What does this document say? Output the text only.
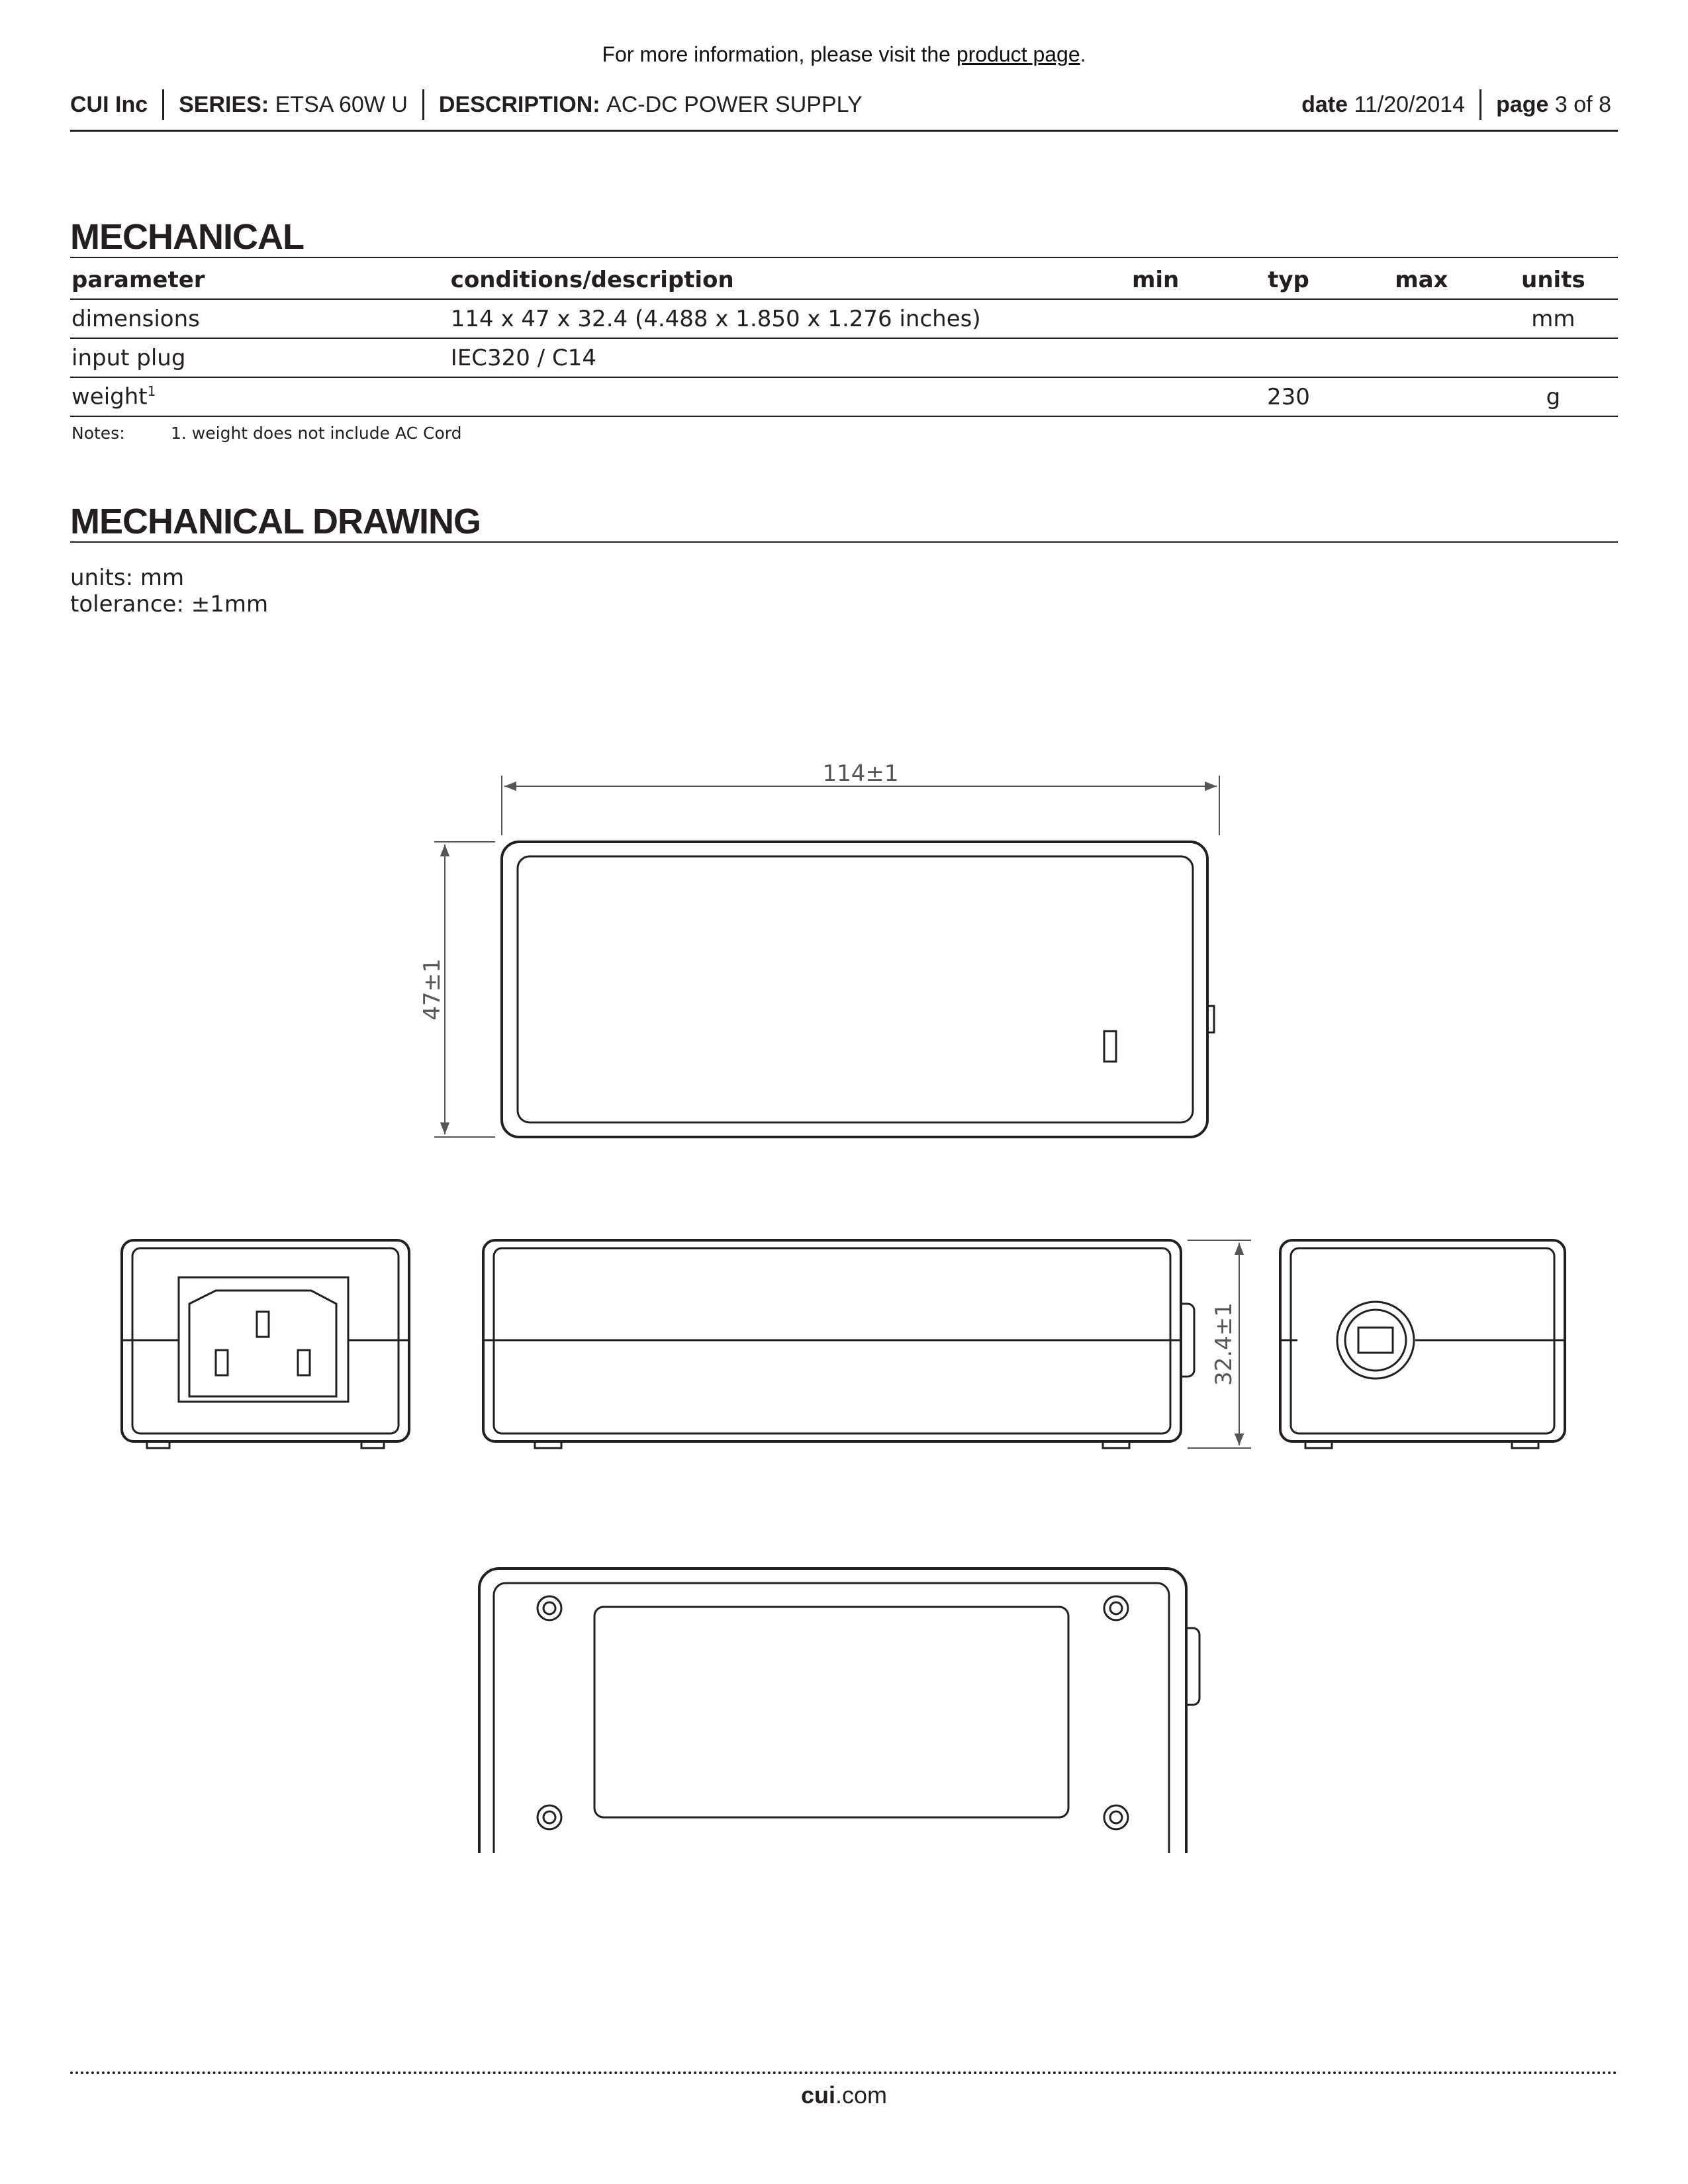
For more information, please visit the product page.
CUI Inc SERIES:
ETSA 60W U DESCRIPTION:
AC-DC POWER SUPPLY	date
11/20/2014 page
3 of 8
MECHANICAL
parameter	conditions/description	min	typ	max	units
dimensions	114 x 47 x 32.4 (4.488 x 1.850 x 1.276 inches)				mm
input plug	IEC320 / C14				
weight$^1$			230		g
Notes:	1. weight does not include AC Cord
MECHANICAL DRAWING
units: mm
tolerance: ±1mm
114±1
47±1
32.4±1
cui.com
